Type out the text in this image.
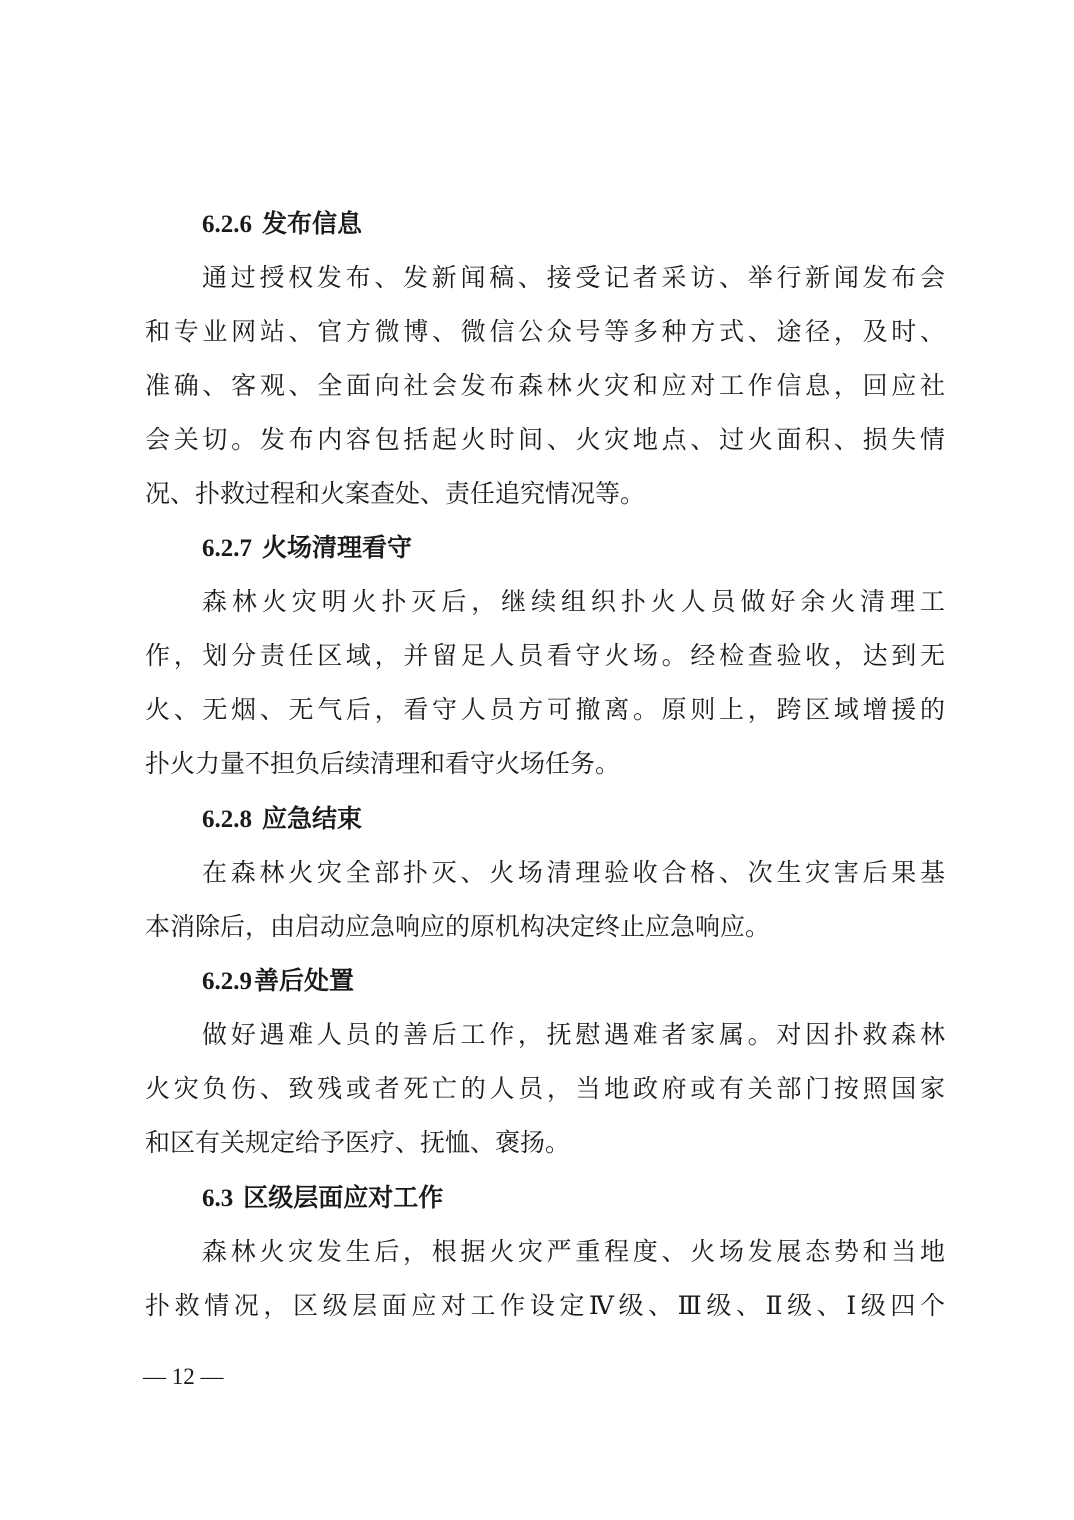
6.2.6 发布信息
通过授权发布、发新闻稿、接受记者采访、举行新闻发布会
和专业网站、官方微博、微信公众号等多种方式、途径，及时、
准确、客观、全面向社会发布森林火灾和应对工作信息，回应社
会关切。发布内容包括起火时间、火灾地点、过火面积、损失情
况、扑救过程和火案查处、责任追究情况等。
6.2.7 火场清理看守
森林火灾明火扑灭后，继续组织扑火人员做好余火清理工
作，划分责任区域，并留足人员看守火场。经检查验收，达到无
火、无烟、无气后，看守人员方可撤离。原则上，跨区域增援的
扑火力量不担负后续清理和看守火场任务。
6.2.8 应急结束
在森林火灾全部扑灭、火场清理验收合格、次生灾害后果基
本消除后，由启动应急响应的原机构决定终止应急响应。
6.2.9善后处置
做好遇难人员的善后工作，抚慰遇难者家属。对因扑救森林
火灾负伤、致残或者死亡的人员，当地政府或有关部门按照国家
和区有关规定给予医疗、抚恤、褒扬。
6.3 区级层面应对工作
森林火灾发生后，根据火灾严重程度、火场发展态势和当地
扑救情况，区级层面应对工作设定Ⅳ级、Ⅲ级、Ⅱ级、Ⅰ级四个
— 12 —
